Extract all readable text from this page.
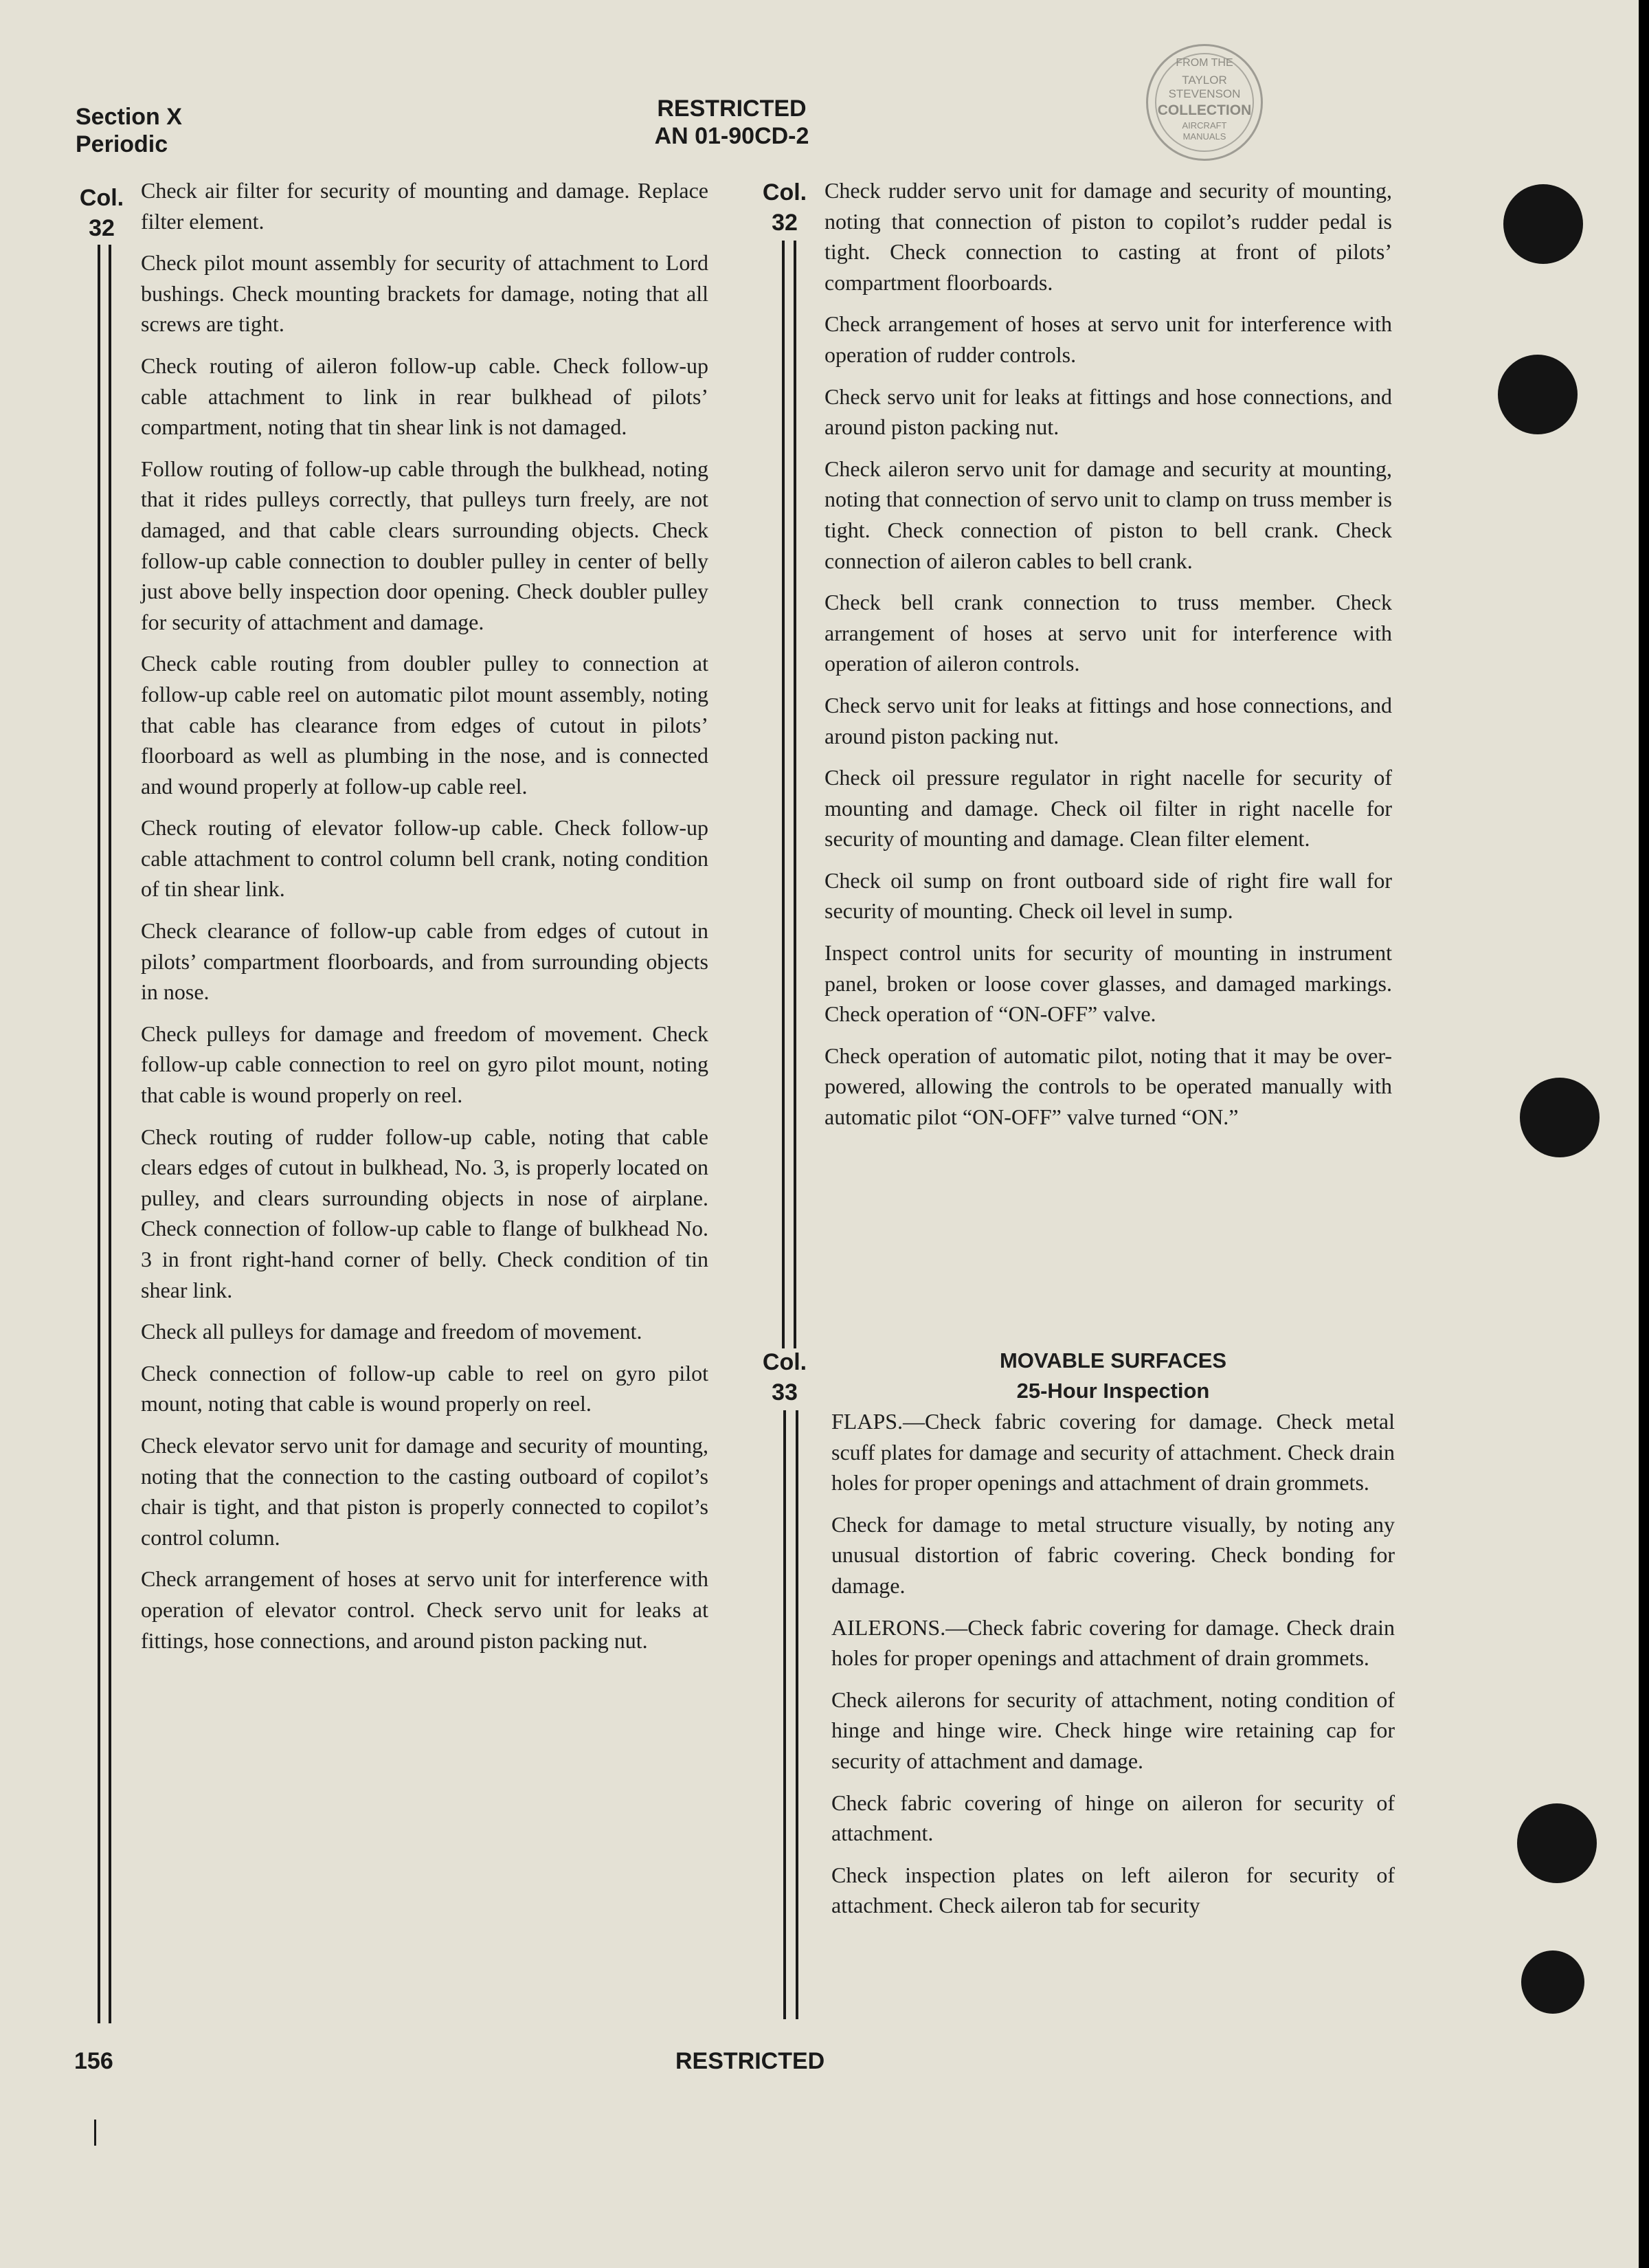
Section X
Periodic
RESTRICTED
AN 01-90CD-2
FROM THE
TAYLOR
STEVENSON
COLLECTION
AIRCRAFT
MANUALS
Col.
32
Col.
32
Col.
33

Check air filter for security of mounting and damage. Replace filter element.

Check pilot mount assembly for security of attachment to Lord bushings. Check mounting brackets for damage, noting that all screws are tight.

Check routing of aileron follow-up cable. Check follow-up cable attachment to link in rear bulkhead of pilots’ compartment, noting that tin shear link is not damaged.

Follow routing of follow-up cable through the bulkhead, noting that it rides pulleys correctly, that pulleys turn freely, are not damaged, and that cable clears surrounding objects. Check follow-up cable connection to doubler pulley in center of belly just above belly inspection door opening. Check doubler pulley for security of attachment and damage.

Check cable routing from doubler pulley to connection at follow-up cable reel on automatic pilot mount assembly, noting that cable has clearance from edges of cutout in pilots’ floorboard as well as plumbing in the nose, and is connected and wound properly at follow-up cable reel.

Check routing of elevator follow-up cable. Check follow-up cable attachment to control column bell crank, noting condition of tin shear link.

Check clearance of follow-up cable from edges of cutout in pilots’ compartment floorboards, and from surrounding objects in nose.

Check pulleys for damage and freedom of movement. Check follow-up cable connection to reel on gyro pilot mount, noting that cable is wound properly on reel.

Check routing of rudder follow-up cable, noting that cable clears edges of cutout in bulkhead, No. 3, is properly located on pulley, and clears surrounding objects in nose of airplane. Check connection of follow-up cable to flange of bulkhead No. 3 in front right-hand corner of belly. Check condition of tin shear link.

Check all pulleys for damage and freedom of movement.

Check connection of follow-up cable to reel on gyro pilot mount, noting that cable is wound properly on reel.

Check elevator servo unit for damage and security of mounting, noting that the connection to the casting outboard of copilot’s chair is tight, and that piston is properly connected to copilot’s control column.

Check arrangement of hoses at servo unit for interference with operation of elevator control. Check servo unit for leaks at fittings, hose connections, and around piston packing nut.

Check rudder servo unit for damage and security of mounting, noting that connection of piston to copilot’s rudder pedal is tight. Check connection to casting at front of pilots’ compartment floorboards.

Check arrangement of hoses at servo unit for interference with operation of rudder controls.

Check servo unit for leaks at fittings and hose connections, and around piston packing nut.

Check aileron servo unit for damage and security at mounting, noting that connection of servo unit to clamp on truss member is tight. Check connection of piston to bell crank. Check connection of aileron cables to bell crank.

Check bell crank connection to truss member. Check arrangement of hoses at servo unit for interference with operation of aileron controls.

Check servo unit for leaks at fittings and hose connections, and around piston packing nut.

Check oil pressure regulator in right nacelle for security of mounting and damage. Check oil filter in right nacelle for security of mounting and damage. Clean filter element.

Check oil sump on front outboard side of right fire wall for security of mounting. Check oil level in sump.

Inspect control units for security of mounting in instrument panel, broken or loose cover glasses, and damaged markings. Check operation of “ON-OFF” valve.

Check operation of automatic pilot, noting that it may be over-powered, allowing the controls to be operated manually with automatic pilot “ON-OFF” valve turned “ON.”

MOVABLE SURFACES
25-Hour Inspection

FLAPS.—Check fabric covering for damage. Check metal scuff plates for damage and security of attachment. Check drain holes for proper openings and attachment of drain grommets.

Check for damage to metal structure visually, by noting any unusual distortion of fabric covering. Check bonding for damage.

AILERONS.—Check fabric covering for damage. Check drain holes for proper openings and attachment of drain grommets.

Check ailerons for security of attachment, noting condition of hinge and hinge wire. Check hinge wire retaining cap for security of attachment and damage.

Check fabric covering of hinge on aileron for security of attachment.

Check inspection plates on left aileron for security of attachment. Check aileron tab for security

156	RESTRICTED
